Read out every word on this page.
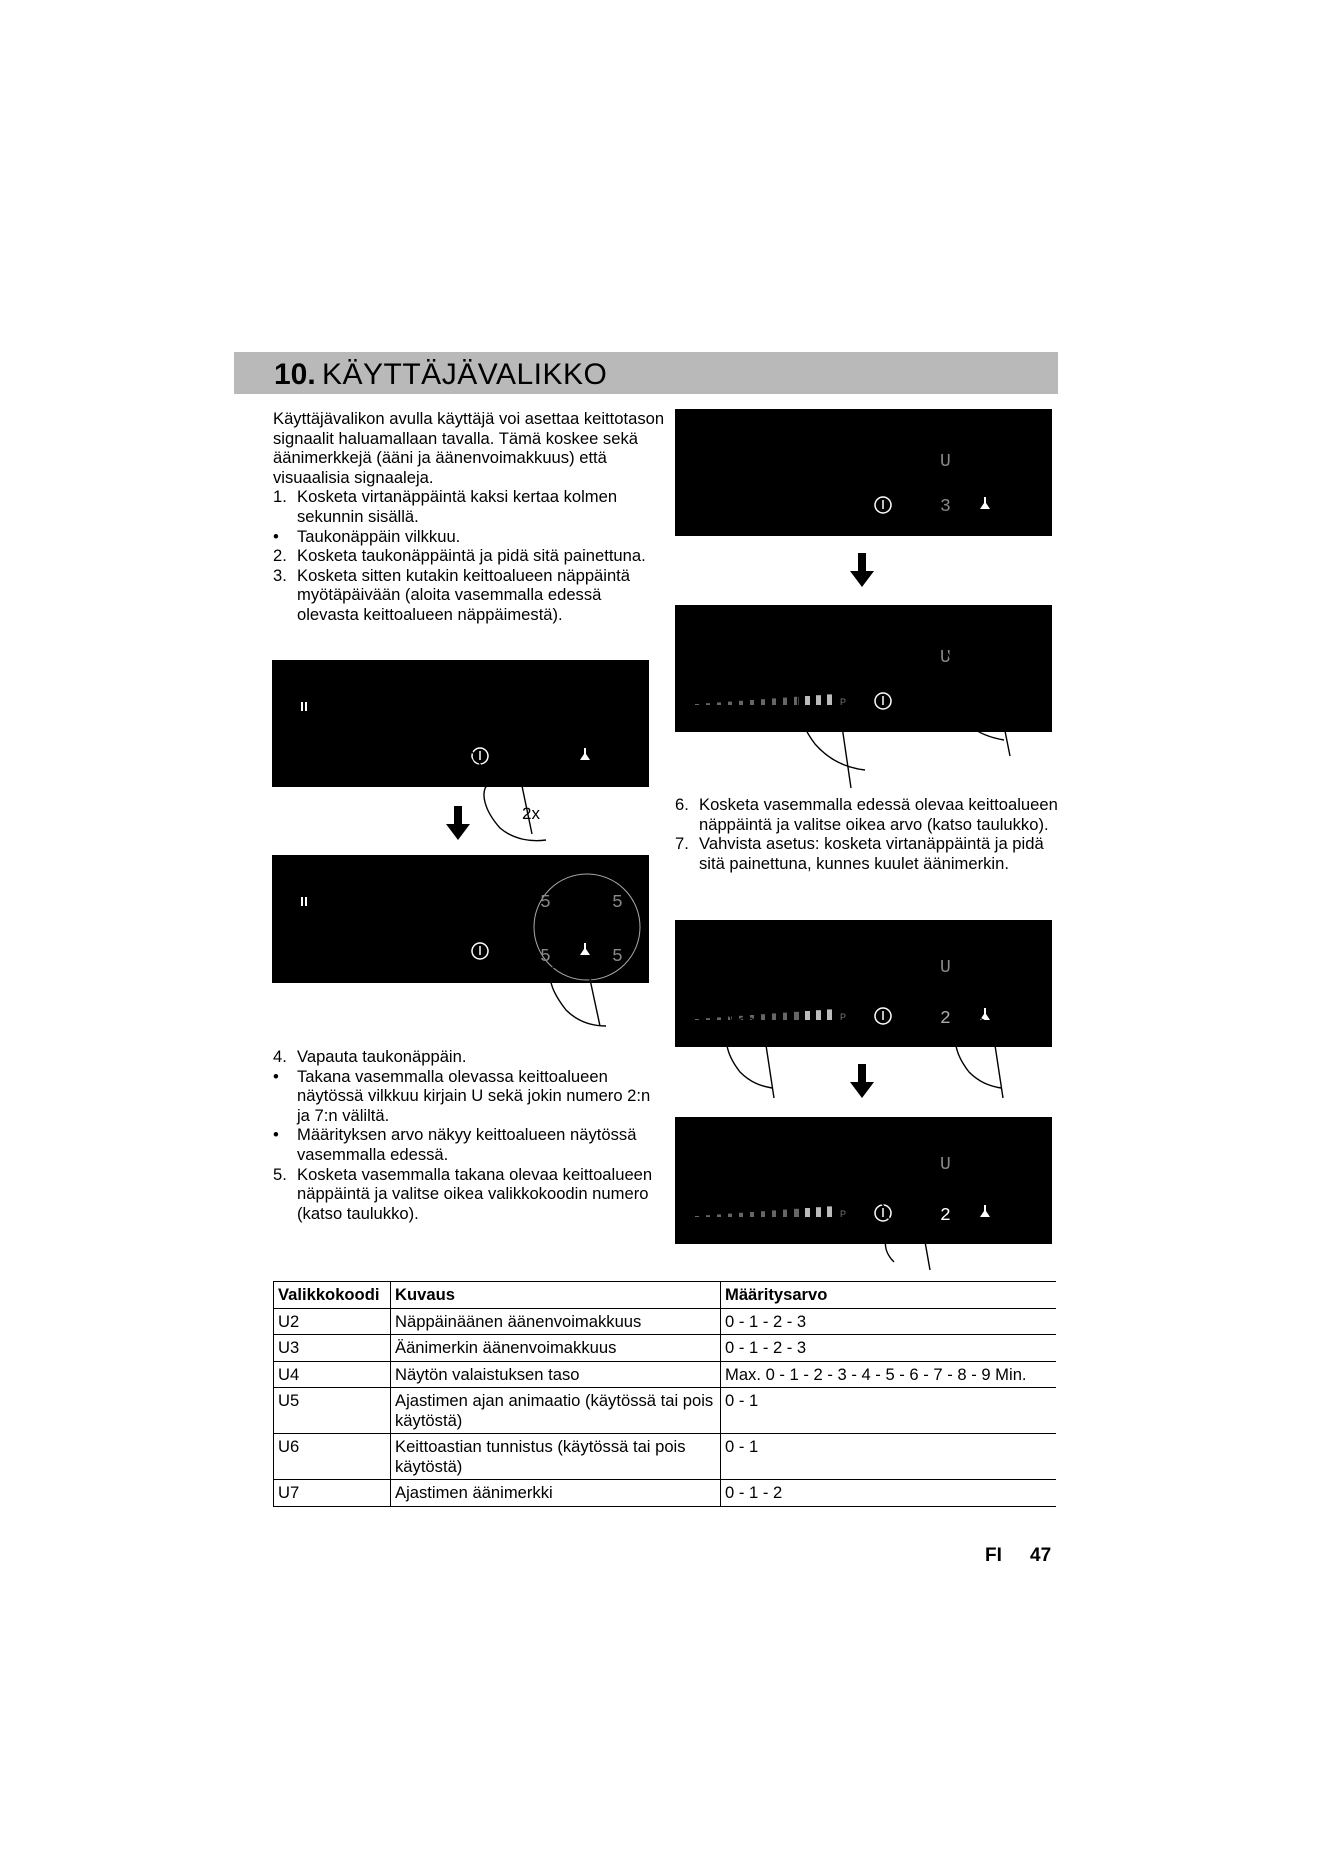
10. KÄYTTÄJÄVALIKKO

Käyttäjävalikon avulla käyttäjä voi asettaa keittotason signaalit haluamallaan tavalla. Tämä koskee sekä äänimerkkejä (ääni ja äänenvoimakkuus) että visuaalisia signaaleja.

1. Kosketa virtanäppäintä kaksi kertaa kolmen sekunnin sisällä.
•	Taukonäppäin vilkkuu.
2. Kosketa taukonäppäintä ja pidä sitä painettuna.
3. Kosketa sitten kutakin keittoalueen näppäintä myötäpäivään (aloita vasemmalla edessä olevasta keittoalueen näppäimestä).
4. Vapauta taukonäppäin.
•	Takana vasemmalla olevassa keittoalueen näytössä vilkkuu kirjain U sekä jokin numero 2:n ja 7:n väliltä.
•	Määrityksen arvo näkyy keittoalueen näytössä vasemmalla edessä.
5. Kosketa vasemmalla takana olevaa keittoalueen näppäintä ja valitse oikea valikkokoodin numero (katso taulukko).
6. Kosketa vasemmalla edessä olevaa keittoalueen näppäintä ja valitse oikea arvo (katso taulukko).
7. Vahvista asetus: kosketa virtanäppäintä ja pidä sitä painettuna, kunnes kuulet äänimerkin.
2x
5	5
5	5
U
3
U
P
U
2
P
U
2
P
Valikkokoodi	Kuvaus	Määritysarvo
U2	Näppäinäänen äänenvoimakkuus	0 - 1 - 2 - 3
U3	Äänimerkin äänenvoimakkuus	0 - 1 - 2 - 3
U4	Näytön valaistuksen taso	Max. 0 - 1 - 2 - 3 - 4 - 5 - 6 - 7 - 8 - 9 Min.
U5	Ajastimen ajan animaatio (käytössä tai pois käytöstä)	0 - 1
U6	Keittoastian tunnistus (käytössä tai pois käytöstä)	0 - 1
U7	Ajastimen äänimerkki	0 - 1 - 2
FI 47
